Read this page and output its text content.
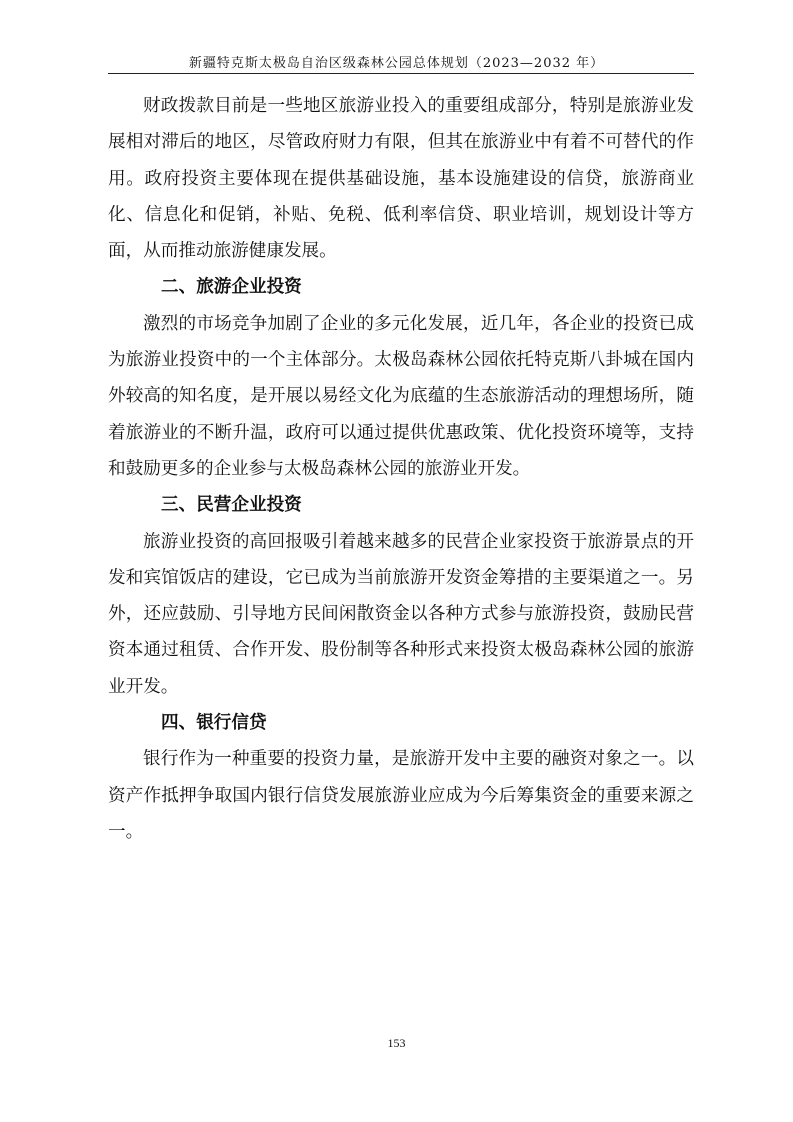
新疆特克斯太极岛自治区级森林公园总体规划（2023—2032 年）

财政拨款目前是一些地区旅游业投入的重要组成部分，特别是旅游业发展相对滞后的地区，尽管政府财力有限，但其在旅游业中有着不可替代的作用。政府投资主要体现在提供基础设施，基本设施建设的信贷，旅游商业化、信息化和促销，补贴、免税、低利率信贷、职业培训，规划设计等方面，从而推动旅游健康发展。

二、旅游企业投资

激烈的市场竞争加剧了企业的多元化发展，近几年，各企业的投资已成为旅游业投资中的一个主体部分。太极岛森林公园依托特克斯八卦城在国内外较高的知名度，是开展以易经文化为底蕴的生态旅游活动的理想场所，随着旅游业的不断升温，政府可以通过提供优惠政策、优化投资环境等，支持和鼓励更多的企业参与太极岛森林公园的旅游业开发。

三、民营企业投资

旅游业投资的高回报吸引着越来越多的民营企业家投资于旅游景点的开发和宾馆饭店的建设，它已成为当前旅游开发资金筹措的主要渠道之一。另外，还应鼓励、引导地方民间闲散资金以各种方式参与旅游投资，鼓励民营资本通过租赁、合作开发、股份制等各种形式来投资太极岛森林公园的旅游业开发。

四、银行信贷

银行作为一种重要的投资力量，是旅游开发中主要的融资对象之一。以资产作抵押争取国内银行信贷发展旅游业应成为今后筹集资金的重要来源之一。

153
